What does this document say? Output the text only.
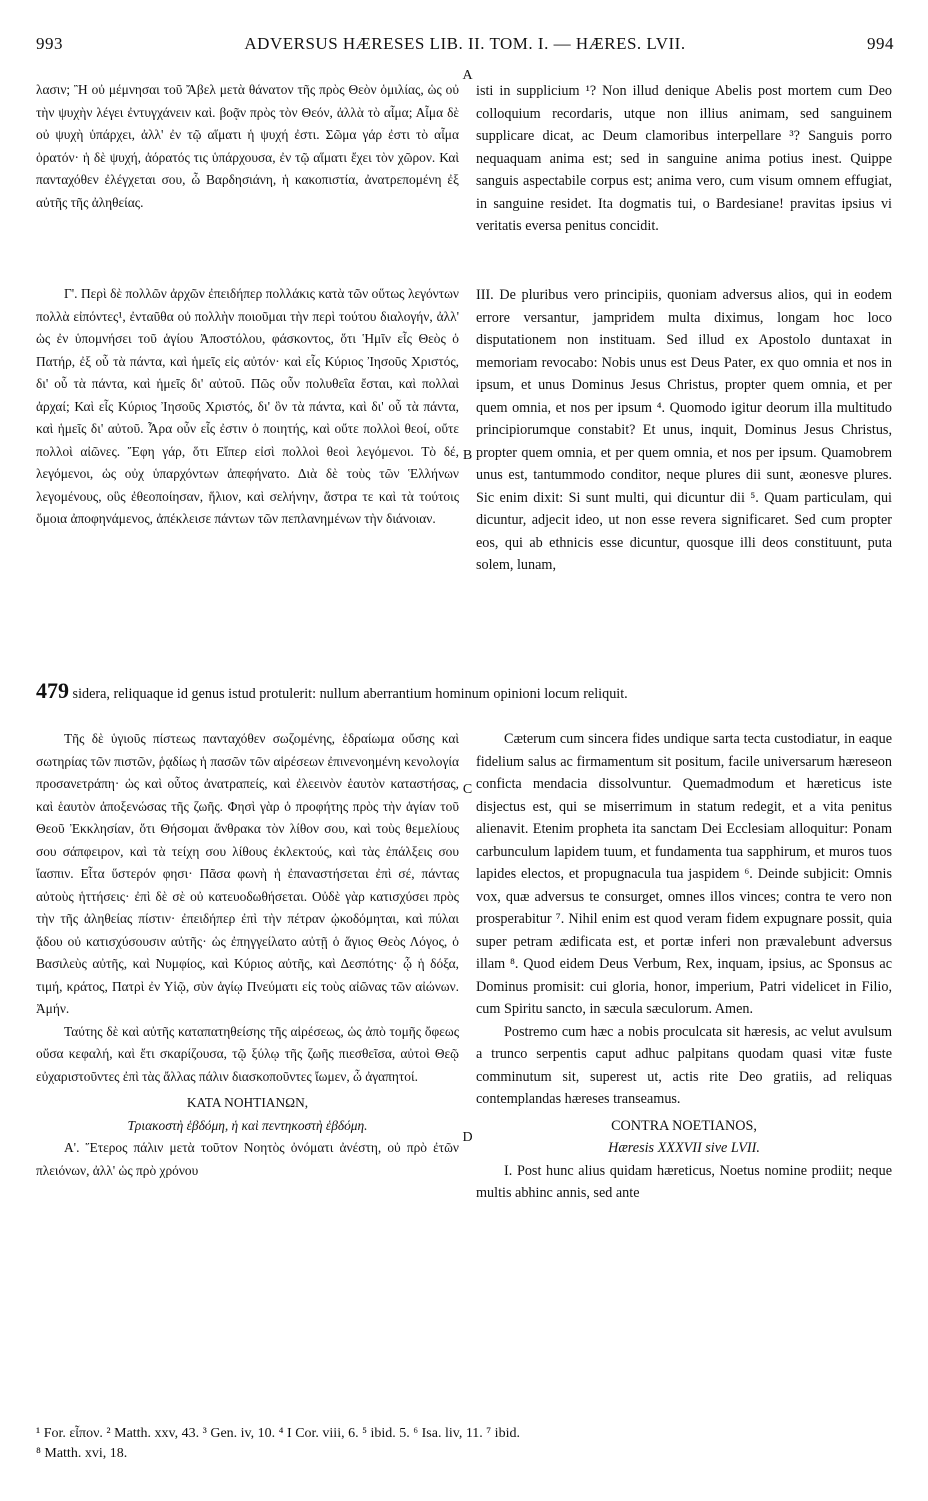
993	ADVERSUS HÆRESES LIB. II. TOM. I. — HÆRES. LVII.	994

λασιν; Ἢ οὐ μέμνησαι τοῦ Ἄβελ μετὰ θάνατον τῆς πρὸς Θεὸν ὁμιλίας, ὡς οὐ τὴν ψυχὴν λέγει ἐντυγχάνειν καὶ. βοᾷν πρὸς τὸν Θεόν, ἀλλὰ τὸ αἷμα; Αἷμα δὲ οὐ ψυχὴ ὑπάρχει, ἀλλ' ἐν τῷ αἵματι ἡ ψυχή ἐστι. Σῶμα γάρ ἐστι τὸ αἷμα ὁρατόν· ἡ δὲ ψυχή, ἀόρατός τις ὑπάρχουσα, ἐν τῷ αἵματι ἔχει τὸν χῶρον. Καὶ πανταχόθεν ἐλέγχεται σου, ὦ Βαρδησιάνη, ἡ κακοπιστία, ἀνατρεπομένη ἐξ αὐτῆς τῆς ἀληθείας.

isti in supplicium ¹? Non illud denique Abelis post mortem cum Deo colloquium recordaris, utque non illius animam, sed sanguinem supplicare dicat, ac Deum clamoribus interpellare ³? Sanguis porro nequaquam anima est; sed in sanguine anima potius inest. Quippe sanguis aspectabile corpus est; anima vero, cum visum omnem effugiat, in sanguine residet. Ita dogmatis tui, o Bardesiane! pravitas ipsius vi veritatis eversa penitus concidit.

A

Γ'. Περὶ δὲ πολλῶν ἀρχῶν ἐπειδήπερ πολλάκις κατὰ τῶν οὕτως λεγόντων πολλὰ εἰπόντες¹, ἐνταῦθα οὐ πολλὴν ποιοῦμαι τὴν περὶ τούτου διαλογήν, ἀλλ' ὡς ἐν ὑπομνήσει τοῦ ἁγίου Ἀποστόλου, φάσκοντος, ὅτι Ἡμῖν εἷς Θεὸς ὁ Πατήρ, ἐξ οὗ τὰ πάντα, καὶ ἡμεῖς εἰς αὐτόν· καὶ εἷς Κύριος Ἰησοῦς Χριστός, δι' οὗ τὰ πάντα, καὶ ἡμεῖς δι' αὐτοῦ. Πῶς οὖν πολυθεΐα ἔσται, καὶ πολλαὶ ἀρχαί; Καὶ εἷς Κύριος Ἰησοῦς Χριστός, δι' ὃν τὰ πάντα, καὶ δι' οὗ τὰ πάντα, καὶ ἡμεῖς δι' αὐτοῦ. Ἆρα οὖν εἷς ἐστιν ὁ ποιητής, καὶ οὔτε πολλοὶ θεοί, οὔτε πολλοὶ αἰῶνες. Ἔφη γάρ, ὅτι Εἴπερ εἰσὶ πολλοὶ θεοὶ λεγόμενοι. Τὸ δέ, λεγόμενοι, ὡς οὐχ ὑπαρχόντων ἀπεφήνατο. Διὰ δὲ τοὺς τῶν Ἑλλήνων λεγομένους, οὓς ἐθεοποίησαν, ἥλιον, καὶ σελήνην, ἄστρα τε καὶ τὰ τούτοις ὅμοια ἀποφηνάμενος, ἀπέκλεισε πάντων τῶν πεπλανημένων τὴν διάνοιαν.

III. De pluribus vero principiis, quoniam adversus alios, qui in eodem errore versantur, jampridem multa diximus, longam hoc loco disputationem non instituam. Sed illud ex Apostolo duntaxat in memoriam revocabo: Nobis unus est Deus Pater, ex quo omnia et nos in ipsum, et unus Dominus Jesus Christus, propter quem omnia, et per quem omnia, et nos per ipsum ⁴. Quomodo igitur deorum illa multitudo principiorumque constabit? Et unus, inquit, Dominus Jesus Christus, propter quem omnia, et per quem omnia, et nos per ipsum. Quamobrem unus est, tantummodo conditor, neque plures dii sunt, æonesve plures. Sic enim dixit: Si sunt multi, qui dicuntur dii ⁵. Quam particulam, qui dicuntur, adjecit ideo, ut non esse revera significaret. Sed cum propter eos, qui ab ethnicis esse dicuntur, quosque illi deos constituunt, puta solem, lunam,

B
479 sidera, reliquaque id genus istud protulerit: nullum aberrantium hominum opinioni locum reliquit.

Τῆς δὲ ὑγιοῦς πίστεως πανταχόθεν σωζομένης, ἑδραίωμα οὔσης καὶ σωτηρίας τῶν πιστῶν, ῥᾳδίως ἡ πασῶν τῶν αἱρέσεων ἐπινενοημένη κενολογία προσανετράπη· ὡς καὶ οὗτος ἀνατραπείς, καὶ ἐλεεινὸν ἑαυτὸν καταστήσας, καὶ ἑαυτὸν ἀποξενώσας τῆς ζωῆς. Φησὶ γὰρ ὁ προφήτης πρὸς τὴν ἁγίαν τοῦ Θεοῦ Ἐκκλησίαν, ὅτι Θήσομαι ἄνθρακα τὸν λίθον σου, καὶ τοὺς θεμελίους σου σάπφειρον, καὶ τὰ τείχη σου λίθους ἐκλεκτούς, καὶ τὰς ἐπάλξεις σου ἴασπιν. Εἶτα ὕστερόν φησι· Πᾶσα φωνὴ ἡ ἐπαναστήσεται ἐπὶ σέ, πάντας αὐτοὺς ἡττήσεις· ἐπὶ δὲ σὲ οὐ κατευοδωθήσεται. Οὐδὲ γὰρ κατισχύσει πρὸς τὴν τῆς ἀληθείας πίστιν· ἐπειδήπερ ἐπὶ τὴν πέτραν ᾠκοδόμηται, καὶ πύλαι ᾅδου οὐ κατισχύσουσιν αὐτῆς· ὡς ἐπηγγείλατο αὐτῇ ὁ ἅγιος Θεὸς Λόγος, ὁ Βασιλεὺς αὐτῆς, καὶ Νυμφίος, καὶ Κύριος αὐτῆς, καὶ Δεσπότης· ᾧ ἡ δόξα, τιμή, κράτος, Πατρὶ ἐν Υἱῷ, σὺν ἁγίῳ Πνεύματι εἰς τοὺς αἰῶνας τῶν αἰώνων. Ἀμήν.

Ταύτης δὲ καὶ αὐτῆς καταπατηθείσης τῆς αἱρέσεως, ὡς ἀπὸ τομῆς ὄφεως οὔσα κεφαλή, καὶ ἔτι σκαρίζουσα, τῷ ξύλῳ τῆς ζωῆς πιεσθεῖσα, αὐτοὶ Θεῷ εὐχαριστοῦντες ἐπὶ τὰς ἄλλας πάλιν διασκοποῦντες ἴωμεν, ὦ ἀγαπητοί.

ΚΑΤΑ ΝΟΗΤΙΑΝΩΝ,

Τριακοστὴ ἑβδόμη, ἡ καὶ πεντηκοστὴ ἑβδόμη.

Α'. Ἕτερος πάλιν μετὰ τοῦτον Νοητὸς ὀνόματι ἀνέστη, οὐ πρὸ ἐτῶν πλειόνων, ἀλλ' ὡς πρὸ χρόνου

Cæterum cum sincera fides undique sarta tecta custodiatur, in eaque fidelium salus ac firmamentum sit positum, facile universarum hæreseon conficta mendacia dissolvuntur. Quemadmodum et hæreticus iste disjectus est, qui se miserrimum in statum redegit, et a vita penitus alienavit. Etenim propheta ita sanctam Dei Ecclesiam alloquitur: Ponam carbunculum lapidem tuum, et fundamenta tua sapphirum, et muros tuos lapides electos, et propugnacula tua jaspidem ⁶. Deinde subjicit: Omnis vox, quæ adversus te consurget, omnes illos vinces; contra te vero non prosperabitur ⁷. Nihil enim est quod veram fidem expugnare possit, quia super petram ædificata est, et portæ inferi non prævalebunt adversus illam ⁸. Quod eidem Deus Verbum, Rex, inquam, ipsius, ac Sponsus ac Dominus promisit: cui gloria, honor, imperium, Patri videlicet in Filio, cum Spiritu sancto, in sæcula sæculorum. Amen.

Postremo cum hæc a nobis proculcata sit hæresis, ac velut avulsum a trunco serpentis caput adhuc palpitans quodam quasi vitæ fuste comminutum sit, superest ut, actis rite Deo gratiis, ad reliquas contemplandas hæreses transeamus.

CONTRA NOETIANOS,

Hæresis XXXVII sive LVII.

I. Post hunc alius quidam hæreticus, Noetus nomine prodiit; neque multis abhinc annis, sed ante

C
D
¹ For. εἶπον. ² Matth. xxv, 43. ³ Gen. iv, 10. ⁴ I Cor. viii, 6. ⁵ ibid. 5. ⁶ Isa. liv, 11. ⁷ ibid.
⁸ Matth. xvi, 18.
